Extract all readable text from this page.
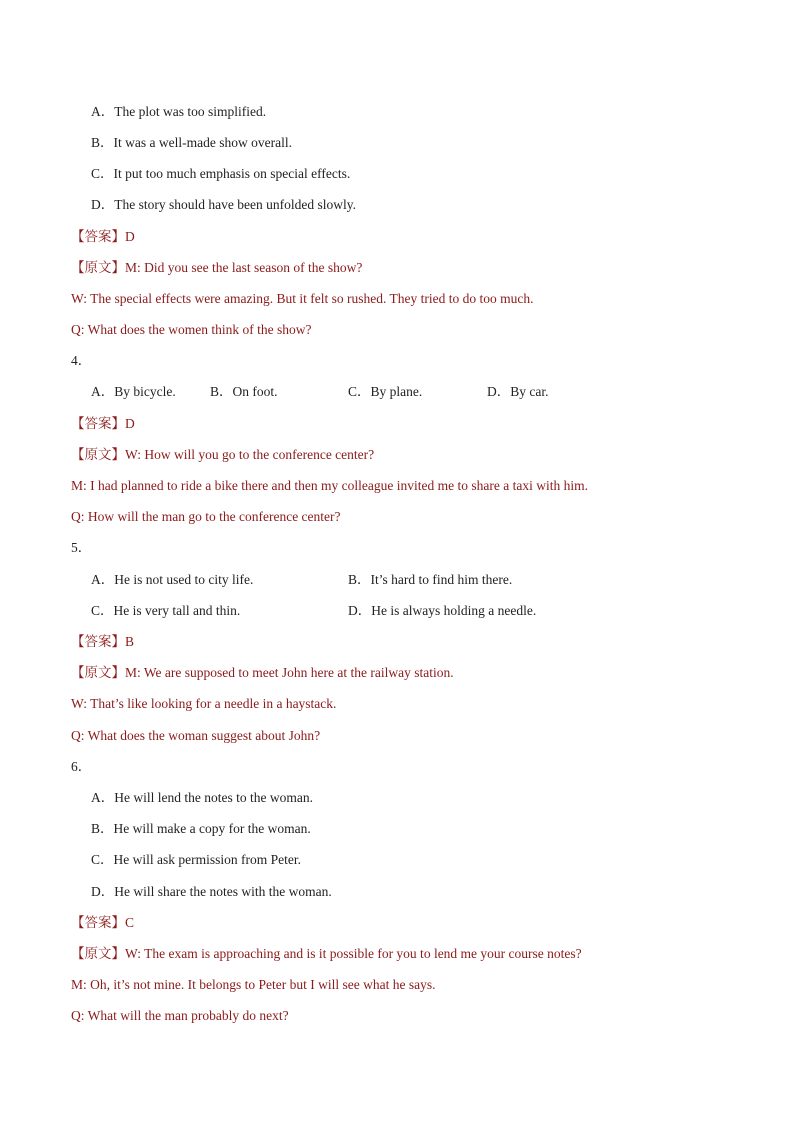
A．The plot was too simplified.
B．It was a well-made show overall.
C．It put too much emphasis on special effects.
D．The story should have been unfolded slowly.
【答案】D
【原文】M: Did you see the last season of the show?
W: The special effects were amazing. But it felt so rushed. They tried to do too much.
Q: What does the women think of the show?
4．
A．By bicycle.	B．On foot.	C．By plane.	D．By car.
【答案】D
【原文】W: How will you go to the conference center?
M: I had planned to ride a bike there and then my colleague invited me to share a taxi with him.
Q: How will the man go to the conference center?
5．
A．He is not used to city life.	B．It’s hard to find him there.
C．He is very tall and thin.	D．He is always holding a needle.
【答案】B
【原文】M: We are supposed to meet John here at the railway station.
W: That’s like looking for a needle in a haystack.
Q: What does the woman suggest about John?
6．
A．He will lend the notes to the woman.
B．He will make a copy for the woman.
C．He will ask permission from Peter.
D．He will share the notes with the woman.
【答案】C
【原文】W: The exam is approaching and is it possible for you to lend me your course notes?
M: Oh, it’s not mine. It belongs to Peter but I will see what he says.
Q: What will the man probably do next?
